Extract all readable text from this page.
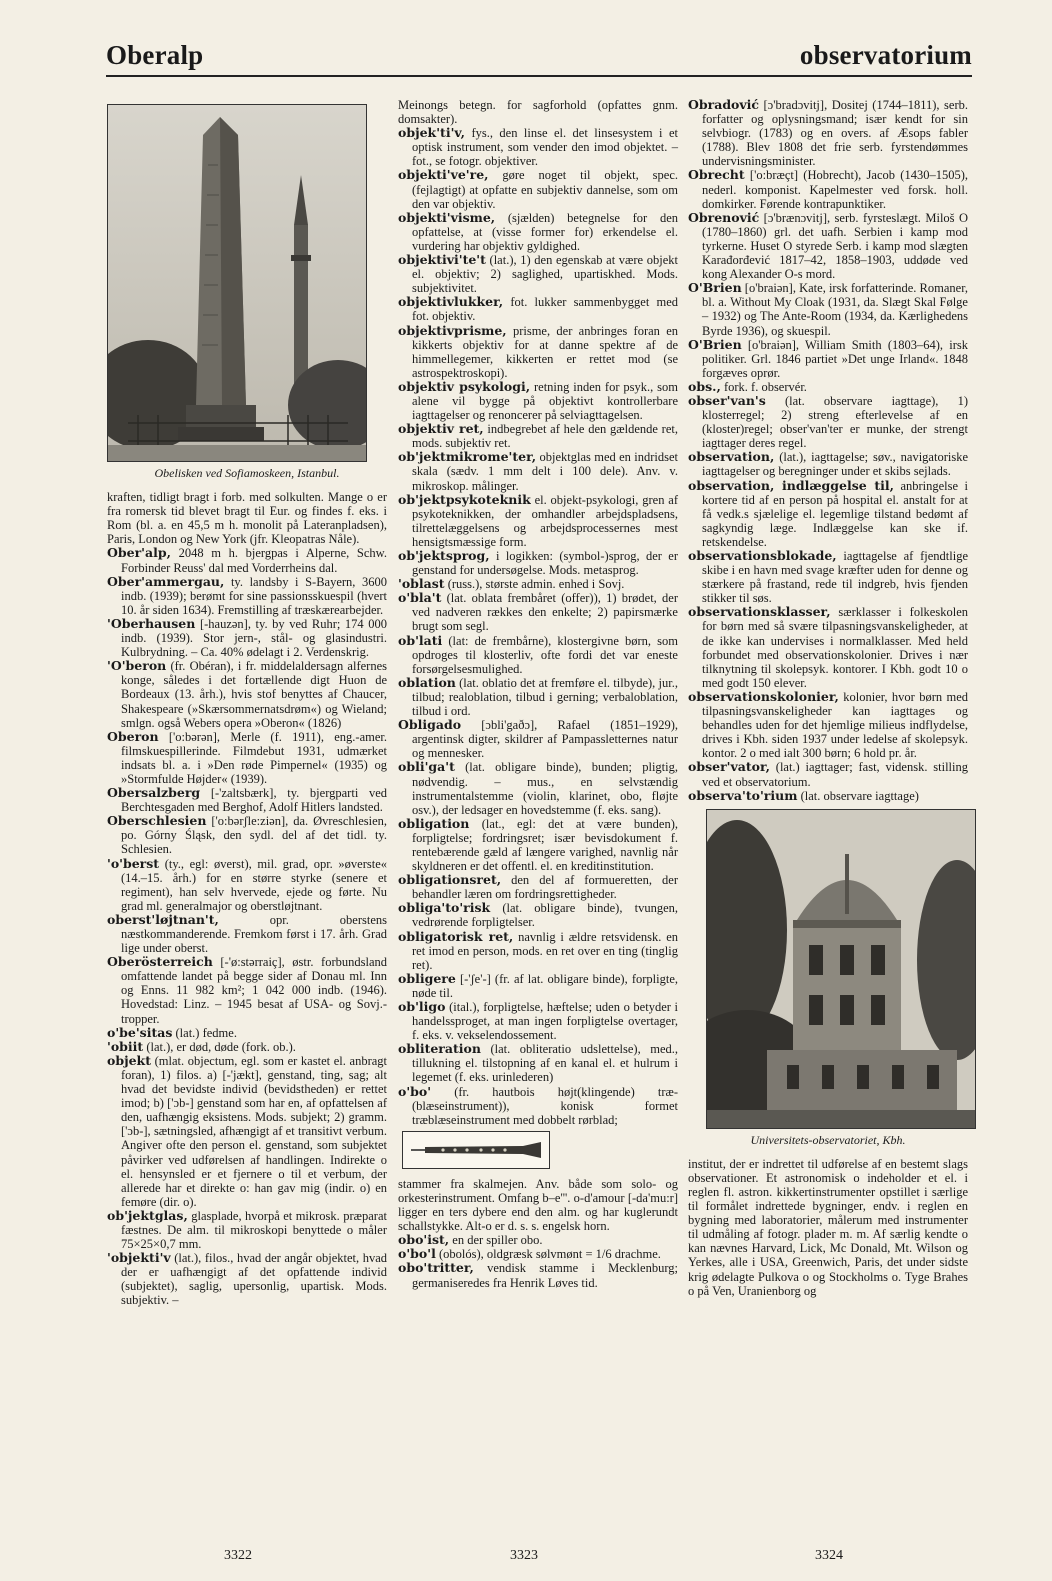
Oberalp	observatorium
Obelisken ved Sofiamoskeen, Istanbul.

kraften, tidligt bragt i forb. med solkulten. Mange o er fra romersk tid blevet bragt til Eur. og findes f. eks. i Rom (bl. a. en 45,5 m h. monolit på Lateranpladsen), Paris, London og New York (jfr. Kleopatras Nåle).

Ober'alp, 2048 m h. bjergpas i Alperne, Schw. Forbinder Reuss' dal med Vorderrheins dal.

Ober'ammergau, ty. landsby i S-Bayern, 3600 indb. (1939); berømt for sine passionsskuespil (hvert 10. år siden 1634). Fremstilling af træskærearbejder.

'Oberhausen [-hauzən], ty. by ved Ruhr; 174 000 indb. (1939). Stor jern-, stål- og glasindustri. Kulbrydning. – Ca. 40% ødelagt i 2. Verdenskrig.

'O'beron (fr. Obéran), i fr. middelaldersagn alfernes konge, således i det fortællende digt Huon de Bordeaux (13. årh.), hvis stof benyttes af Chaucer, Shakespeare (»Skærsommernatsdrøm«) og Wieland; smlgn. også Webers opera »Oberon« (1826)

Oberon ['o:bərən], Merle (f. 1911), eng.-amer. filmskuespillerinde. Filmdebut 1931, udmærket indsats bl. a. i »Den røde Pimpernel« (1935) og »Stormfulde Højder« (1939).

Obersalzberg [-'zaltsbærk], ty. bjergparti ved Berchtesgaden med Berghof, Adolf Hitlers landsted.

Oberschlesien ['o:bərʃle:ziən], da. Øvreschlesien, po. Górny Śląsk, den sydl. del af det tidl. ty. Schlesien.

'o'berst (ty., egl: øverst), mil. grad, opr. »øverste« (14.–15. årh.) for en større styrke (senere et regiment), han selv hvervede, ejede og førte. Nu grad ml. generalmajor og oberstløjtnant.

oberst'løjtnan't, opr. oberstens næstkommanderende. Fremkom først i 17. årh. Grad lige under oberst.

Oberösterreich [-'ø:stərraiç], østr. forbundsland omfattende landet på begge sider af Donau ml. Inn og Enns. 11 982 km²; 1 042 000 indb. (1946). Hovedstad: Linz. – 1945 besat af USA- og Sovj.-tropper.

o'be'sitas (lat.) fedme.

'obiit (lat.), er død, døde (fork. ob.).

objekt (mlat. objectum, egl. som er kastet el. anbragt foran), 1) filos. a) [-'jækt], genstand, ting, sag; alt hvad det bevidste individ (bevidstheden) er rettet imod; b) ['ɔb-] genstand som har en, af opfattelsen af den, uafhængig eksistens. Mods. subjekt; 2) gramm. ['ɔb-], sætningsled, afhængigt af et transitivt verbum. Angiver ofte den person el. genstand, som subjektet påvirker ved udførelsen af handlingen. Indirekte o el. hensynsled er et fjernere o til et verbum, der allerede har et direkte o: han gav mig (indir. o) en femøre (dir. o).

ob'jektglas, glasplade, hvorpå et mikrosk. præparat fæstnes. De alm. til mikroskopi benyttede o måler 75×25×0,7 mm.

'objekti'v (lat.), filos., hvad der angår objektet, hvad der er uafhængigt af det opfattende individ (subjektet), saglig, upersonlig, upartisk. Mods. subjektiv. –

Meinongs betegn. for sagforhold (opfattes gnm. domsakter).

objek'ti'v, fys., den linse el. det linsesystem i et optisk instrument, som vender den imod objektet. – fot., se fotogr. objektiver.

objekti've're, gøre noget til objekt, spec. (fejlagtigt) at opfatte en subjektiv dannelse, som om den var objektiv.

objekti'visme, (sjælden) betegnelse for den opfattelse, at (visse former for) erkendelse el. vurdering har objektiv gyldighed.

objektivi'te't (lat.), 1) den egenskab at være objekt el. objektiv; 2) saglighed, upartiskhed. Mods. subjektivitet.

objektivlukker, fot. lukker sammenbygget med fot. objektiv.

objektivprisme, prisme, der anbringes foran en kikkerts objektiv for at danne spektre af de himmellegemer, kikkerten er rettet mod (se astrospektroskopi).

objektiv psykologi, retning inden for psyk., som alene vil bygge på objektivt kontrollerbare iagttagelser og renoncerer på selviagttagelsen.

objektiv ret, indbegrebet af hele den gældende ret, mods. subjektiv ret.

ob'jektmikrome'ter, objektglas med en indridset skala (sædv. 1 mm delt i 100 dele). Anv. v. mikroskop. målinger.

ob'jektpsykoteknik el. objekt-psykologi, gren af psykoteknikken, der omhandler arbejdspladsens, tilrettelæggelsens og arbejdsprocessernes mest hensigtsmæssige form.

ob'jektsprog, i logikken: (symbol-)sprog, der er genstand for undersøgelse. Mods. metasprog.

'oblast (russ.), største admin. enhed i Sovj.

o'bla't (lat. oblata frembåret (offer)), 1) brødet, der ved nadveren rækkes den enkelte; 2) papirsmærke brugt som segl.

ob'lati (lat: de frembårne), klostergivne børn, som opdroges til klosterliv, ofte fordi det var eneste forsørgelsesmulighed.

oblation (lat. oblatio det at fremføre el. tilbyde), jur., tilbud; realoblation, tilbud i gerning; verbaloblation, tilbud i ord.

Obligado [ɔbli'gaðɔ], Rafael (1851–1929), argentinsk digter, skildrer af Pampassletternes natur og mennesker.

obli'ga't (lat. obligare binde), bunden; pligtig, nødvendig. – mus., en selvstændig instrumentalstemme (violin, klarinet, obo, fløjte osv.), der ledsager en hovedstemme (f. eks. sang).

obligation (lat., egl: det at være bunden), forpligtelse; fordringsret; især bevisdokument f. rentebærende gæld af længere varighed, navnlig når skyldneren er det offentl. el. en kreditinstitution.

obligationsret, den del af formueretten, der behandler læren om fordringsrettigheder.

obliga'to'risk (lat. obligare binde), tvungen, vedrørende forpligtelser.

obligatorisk ret, navnlig i ældre retsvidensk. en ret imod en person, mods. en ret over en ting (tinglig ret).

obligere [-'ʃe'-] (fr. af lat. obligare binde), forpligte, nøde til.

ob'ligo (ital.), forpligtelse, hæftelse; uden o betyder i handelssproget, at man ingen forpligtelse overtager, f. eks. v. vekselendossement.

obliteration (lat. obliteratio udslettelse), med., tillukning el. tilstopning af en kanal el. et hulrum i legemet (f. eks. urinlederen)

o'bo' (fr. hautbois højt(klingende) træ-(blæseinstrument)), konisk formet træblæseinstrument med dobbelt rørblad;

stammer fra skalmejen. Anv. både som solo- og orkesterinstrument. Omfang b–e'''. o-d'amour [-da'mu:r] ligger en ters dybere end den alm. og har kuglerundt schallstykke. Alt-o er d. s. s. engelsk horn.

obo'ist, en der spiller obo.

o'bo'l (obolós), oldgræsk sølvmønt = 1/6 drachme.

obo'tritter, vendisk stamme i Mecklenburg; germaniseredes fra Henrik Løves tid.

Obradović [ɔ'bradɔvitj], Dositej (1744–1811), serb. forfatter og oplysningsmand; især kendt for sin selvbiogr. (1783) og en overs. af Æsops fabler (1788). Blev 1808 det frie serb. fyrstendømmes undervisningsminister.

Obrecht ['o:bræçt] (Hobrecht), Jacob (1430–1505), nederl. komponist. Kapelmester ved forsk. holl. domkirker. Førende kontrapunktiker.

Obrenović [ɔ'brænɔvitj], serb. fyrsteslægt. Miloš O (1780–1860) grl. det uafh. Serbien i kamp mod tyrkerne. Huset O styrede Serb. i kamp mod slægten Karađorđević 1817–42, 1858–1903, uddøde ved kong Alexander O-s mord.

O'Brien [o'braiən], Kate, irsk forfatterinde. Romaner, bl. a. Without My Cloak (1931, da. Slægt Skal Følge – 1932) og The Ante-Room (1934, da. Kærlighedens Byrde 1936), og skuespil.

O'Brien [o'braiən], William Smith (1803–64), irsk politiker. Grl. 1846 partiet »Det unge Irland«. 1848 forgæves oprør.

obs., fork. f. observér.

obser'van's (lat. observare iagttage), 1) klosterregel; 2) streng efterlevelse af en (kloster)regel; obser'van'ter er munke, der strengt iagttager deres regel.

observation, (lat.), iagttagelse; søv., navigatoriske iagttagelser og beregninger under et skibs sejlads.

observation, indlæggelse til, anbringelse i kortere tid af en person på hospital el. anstalt for at få vedk.s sjælelige el. legemlige tilstand bedømt af sagkyndig læge. Indlæggelse kan ske if. retskendelse.

observationsblokade, iagttagelse af fjendtlige skibe i en havn med svage kræfter uden for denne og stærkere på frastand, rede til indgreb, hvis fjenden stikker til søs.

observationsklasser, særklasser i folkeskolen for børn med så svære tilpasningsvanskeligheder, at de ikke kan undervises i normalklasser. Med held forbundet med observationskolonier. Drives i nær tilknytning til skolepsyk. kontorer. I Kbh. godt 10 o med godt 150 elever.

observationskolonier, kolonier, hvor børn med tilpasningsvanskeligheder kan iagttages og behandles uden for det hjemlige milieus indflydelse, drives i Kbh. siden 1937 under ledelse af skolepsyk. kontor. 2 o med ialt 300 børn; 6 hold pr. år.

obser'vator, (lat.) iagttager; fast, vidensk. stilling ved et observatorium.

observa'to'rium (lat. observare iagttage)

Universitets-observatoriet, Kbh.

institut, der er indrettet til udførelse af en bestemt slags observationer. Et astronomisk o indeholder et el. i reglen fl. astron. kikkertinstrumenter opstillet i særlige til formålet indrettede bygninger, endv. i reglen en bygning med laboratorier, målerum med instrumenter til udmåling af fotogr. plader m. m. Af særlig kendte o kan nævnes Harvard, Lick, Mc Donald, Mt. Wilson og Yerkes, alle i USA, Greenwich, Paris, det under sidste krig ødelagte Pulkova o og Stockholms o. Tyge Brahes o på Ven, Uranienborg og

3322	3323	3324
